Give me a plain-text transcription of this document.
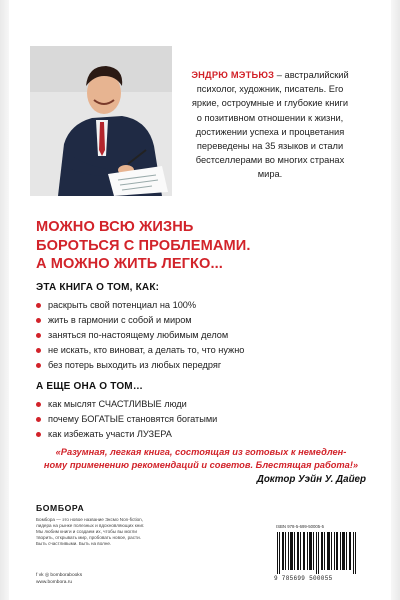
ЭНДРЮ МЭТЬЮЗ – австралийский
психолог, художник, писатель. Его
яркие, остроумные и глубокие книги
о позитивном отношении к жизни,
достижении успеха и процветания
переведены на 35 языков и стали
бестселлерами во многих странах
мира.
МОЖНО ВСЮ ЖИЗНЬ
БОРОТЬСЯ С ПРОБЛЕМАМИ.
А МОЖНО ЖИТЬ ЛЕГКО...
ЭТА КНИГА О ТОМ, КАК:
раскрыть свой потенциал на 100%
жить в гармонии с собой и миром
заняться по-настоящему любимым делом
не искать, кто виноват, а делать то, что нужно
без потерь выходить из любых передряг
А ЕЩЕ ОНА О ТОМ…
как мыслят СЧАСТЛИВЫЕ люди
почему БОГАТЫЕ становятся богатыми
как избежать участи ЛУЗЕРА
«Разумная, легкая книга, состоящая из готовых к немедлен-
ному применению рекомендаций и советов. Блестящая работа!»
Доктор Уэйн У. Дайер
БОМБОРА
Бомбора — это новое название Эксмо Non-fiction,
лидера на рынке полезных и вдохновляющих книг.
Мы любим книги и создаем их, чтобы вы могли
творить, открывать мир, пробовать новое, расти.
Быть счастливыми. Быть на волне.
f vk ◎ bomborabooks
www.bombora.ru
ISBN 978-5-699-50005-5
9 785699 500055
